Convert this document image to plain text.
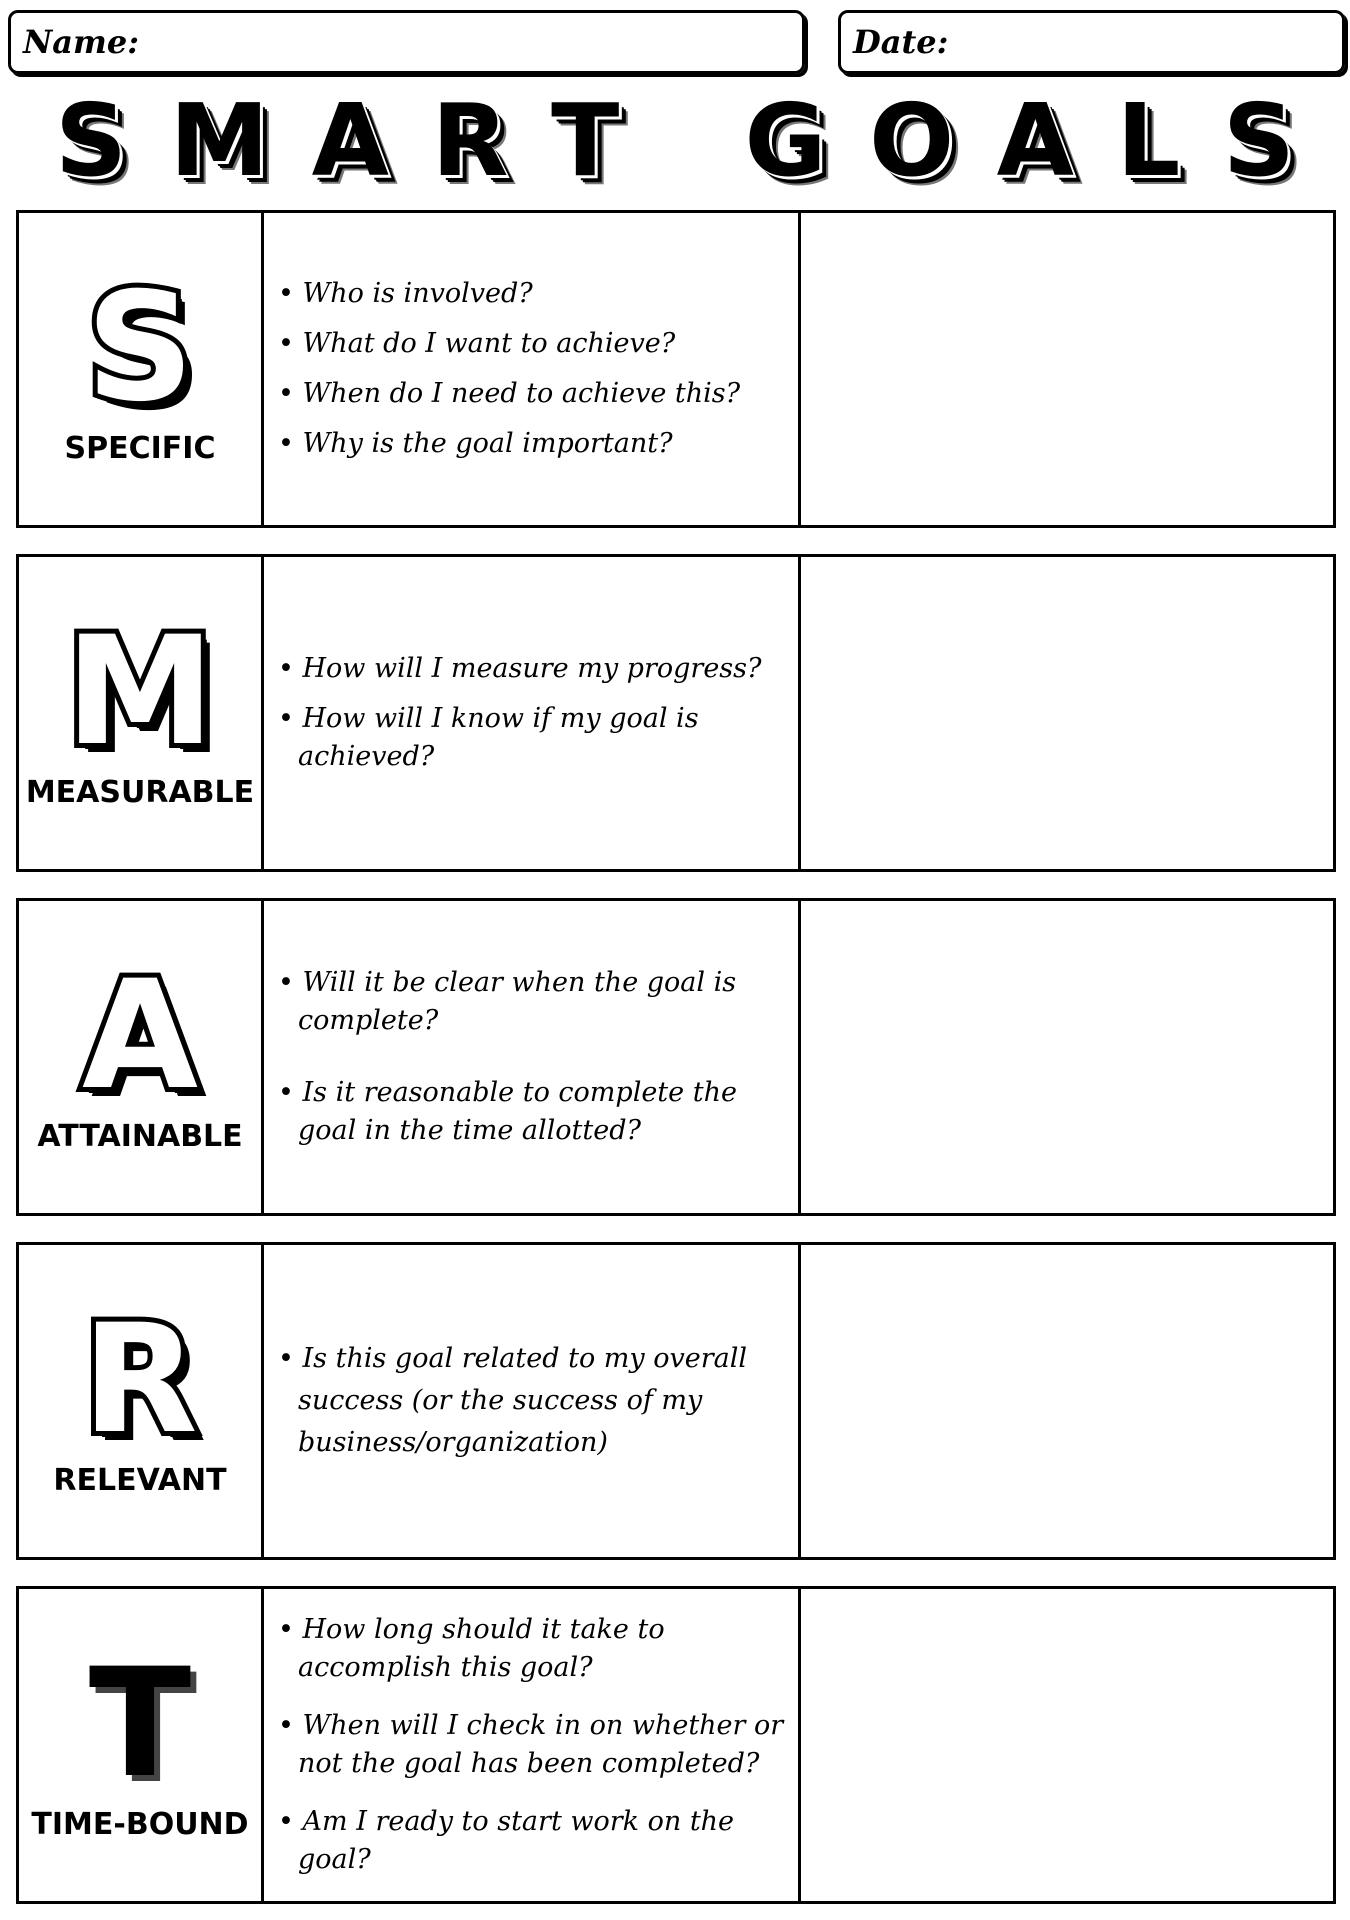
Name:	Date:
S M A R T G O A L S
S
SPECIFIC
• Who is involved?
• What do I want to achieve?
• When do I need to achieve this?
• Why is the goal important?
M
MEASURABLE
• How will I measure my progress?
• How will I know if my goal is achieved?
A
ATTAINABLE
• Will it be clear when the goal is complete?
• Is it reasonable to complete the goal in the time allotted?
R
RELEVANT
• Is this goal related to my overall success (or the success of my business/organization)
T
TIME-BOUND
• How long should it take to accomplish this goal?
• When will I check in on whether or not the goal has been completed?
• Am I ready to start work on the goal?
